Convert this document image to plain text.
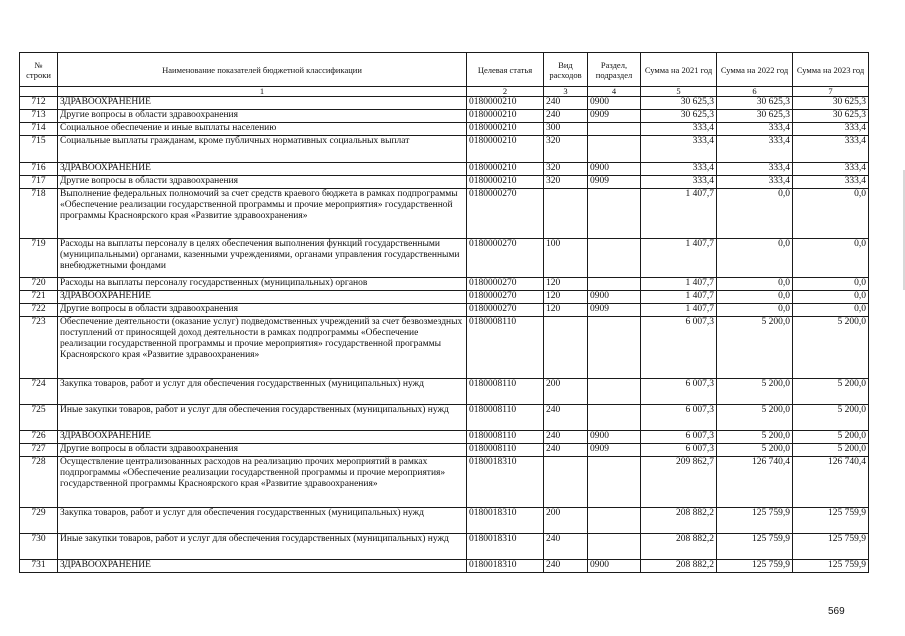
№ строки	Наименование показателей бюджетной классификации	Целевая статья	Вид расходов	Раздел, подраздел	Сумма на 2021 год	Сумма на 2022 год	Сумма на 2023 год
	1	2	3	4	5	6	7
712	ЗДРАВООХРАНЕНИЕ	0180000210	240	0900	30 625,3	30 625,3	30 625,3
713	Другие вопросы в области здравоохранения	0180000210	240	0909	30 625,3	30 625,3	30 625,3
714	Социальное обеспечение и иные выплаты населению	0180000210	300		333,4	333,4	333,4
715	Социальные выплаты гражданам, кроме публичных нормативных социальных выплат	0180000210	320		333,4	333,4	333,4
716	ЗДРАВООХРАНЕНИЕ	0180000210	320	0900	333,4	333,4	333,4
717	Другие вопросы в области здравоохранения	0180000210	320	0909	333,4	333,4	333,4
718	Выполнение федеральных полномочий за счет средств краевого бюджета в рамках подпрограммы «Обеспечение реализации государственной программы и прочие мероприятия» государственной программы Красноярского края «Развитие здравоохранения»	0180000270			1 407,7	0,0	0,0
719	Расходы на выплаты персоналу в целях обеспечения выполнения функций государственными (муниципальными) органами, казенными учреждениями, органами управления государственными внебюджетными фондами	0180000270	100		1 407,7	0,0	0,0
720	Расходы на выплаты персоналу государственных (муниципальных) органов	0180000270	120		1 407,7	0,0	0,0
721	ЗДРАВООХРАНЕНИЕ	0180000270	120	0900	1 407,7	0,0	0,0
722	Другие вопросы в области здравоохранения	0180000270	120	0909	1 407,7	0,0	0,0
723	Обеспечение деятельности (оказание услуг) подведомственных учреждений за счет безвозмездных поступлений от приносящей доход деятельности в рамках подпрограммы «Обеспечение реализации государственной программы и прочие мероприятия» государственной программы Красноярского края «Развитие здравоохранения»	0180008110			6 007,3	5 200,0	5 200,0
724	Закупка товаров, работ и услуг для обеспечения государственных (муниципальных) нужд	0180008110	200		6 007,3	5 200,0	5 200,0
725	Иные закупки товаров, работ и услуг для обеспечения государственных (муниципальных) нужд	0180008110	240		6 007,3	5 200,0	5 200,0
726	ЗДРАВООХРАНЕНИЕ	0180008110	240	0900	6 007,3	5 200,0	5 200,0
727	Другие вопросы в области здравоохранения	0180008110	240	0909	6 007,3	5 200,0	5 200,0
728	Осуществление централизованных расходов на реализацию прочих мероприятий в рамках подпрограммы «Обеспечение реализации государственной программы и прочие мероприятия» государственной программы Красноярского края «Развитие здравоохранения»	0180018310			209 862,7	126 740,4	126 740,4
729	Закупка товаров, работ и услуг для обеспечения государственных (муниципальных) нужд	0180018310	200		208 882,2	125 759,9	125 759,9
730	Иные закупки товаров, работ и услуг для обеспечения государственных (муниципальных) нужд	0180018310	240		208 882,2	125 759,9	125 759,9
731	ЗДРАВООХРАНЕНИЕ	0180018310	240	0900	208 882,2	125 759,9	125 759,9
569
